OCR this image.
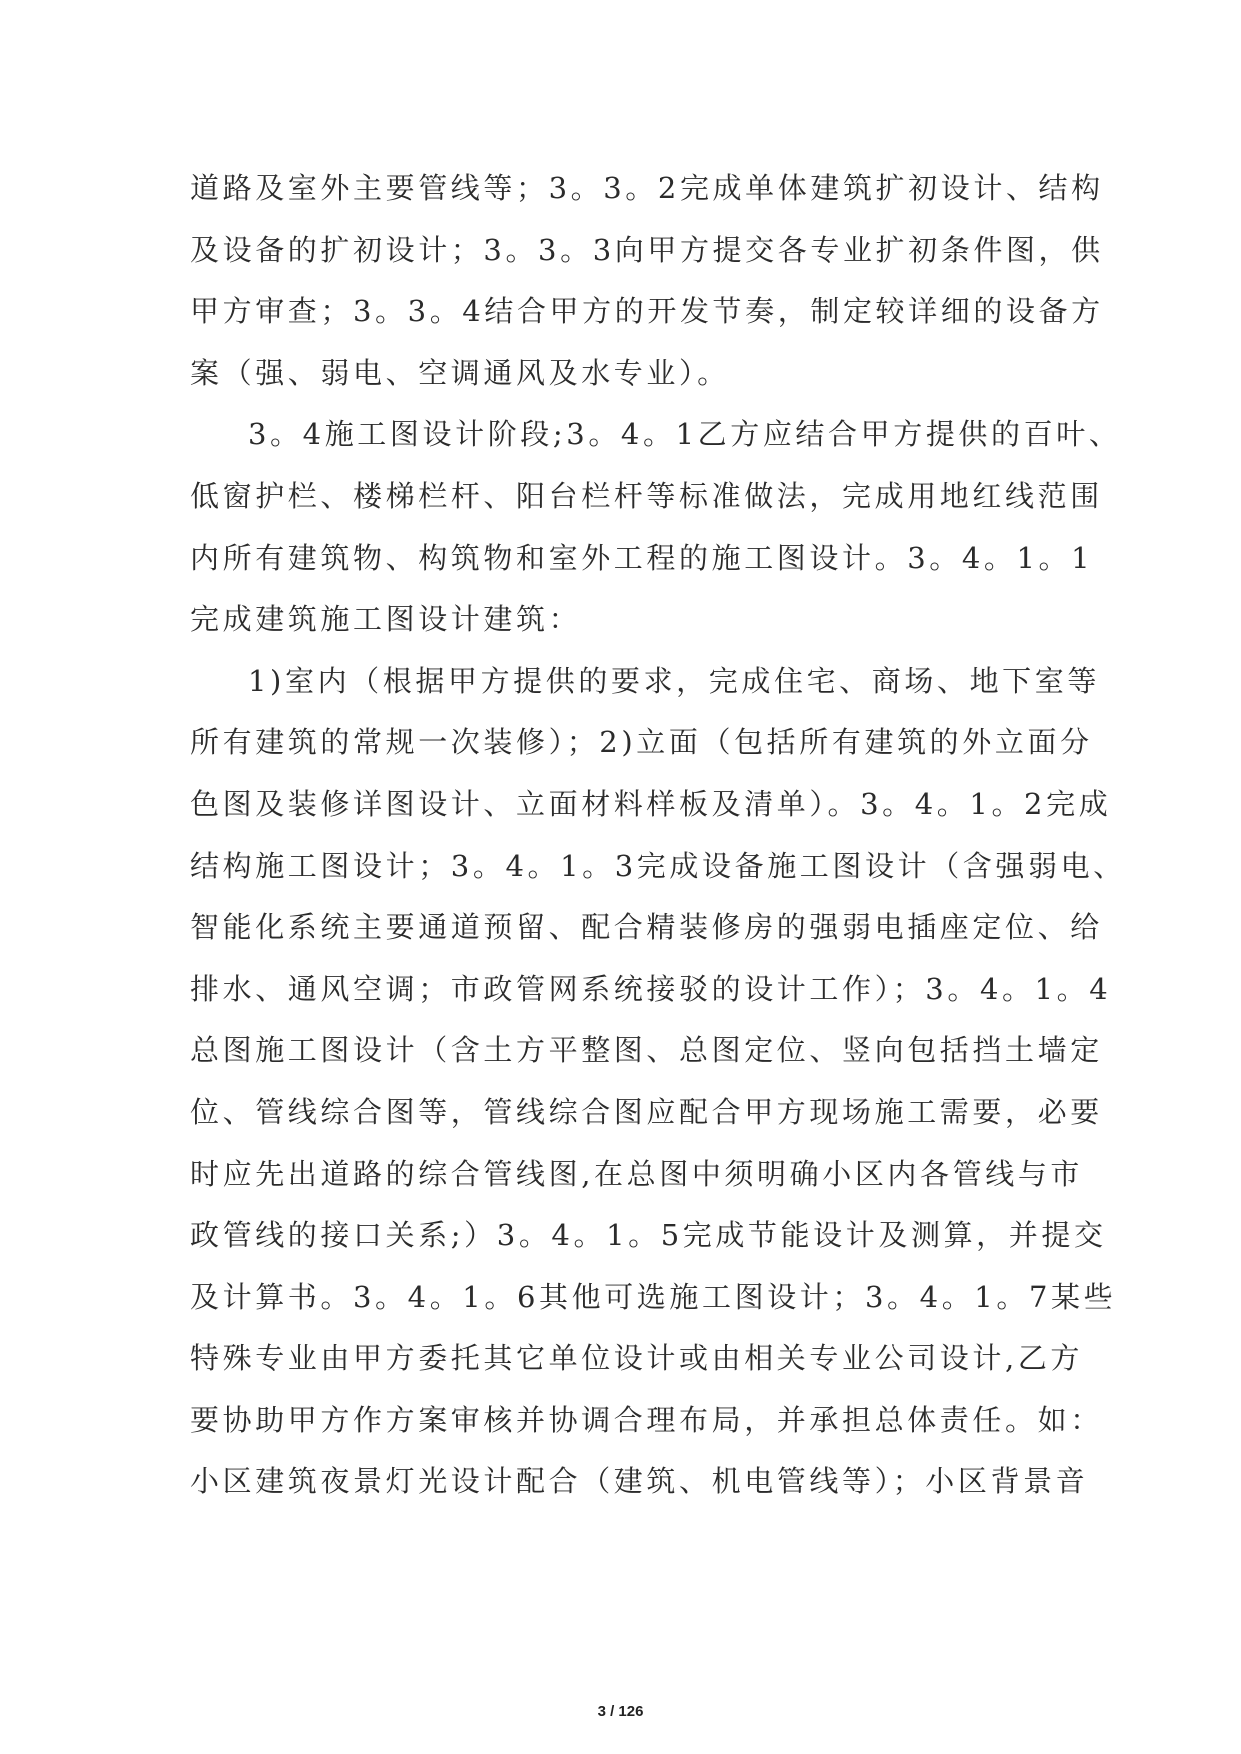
道路及室外主要管线等；3。3。2完成单体建筑扩初设计、结构
及设备的扩初设计；3。3。3向甲方提交各专业扩初条件图，供
甲方审查；3。3。4结合甲方的开发节奏，制定较详细的设备方
案（强、弱电、空调通风及水专业）。
3。4施工图设计阶段;3。4。1乙方应结合甲方提供的百叶、
低窗护栏、楼梯栏杆、阳台栏杆等标准做法，完成用地红线范围
内所有建筑物、构筑物和室外工程的施工图设计。3。4。1。1
完成建筑施工图设计建筑：
1)室内（根据甲方提供的要求，完成住宅、商场、地下室等
所有建筑的常规一次装修）；2)立面（包括所有建筑的外立面分
色图及装修详图设计、立面材料样板及清单）。3。4。1。2完成
结构施工图设计；3。4。1。3完成设备施工图设计（含强弱电、
智能化系统主要通道预留、配合精装修房的强弱电插座定位、给
排水、通风空调；市政管网系统接驳的设计工作）；3。4。1。4
总图施工图设计（含土方平整图、总图定位、竖向包括挡土墙定
位、管线综合图等，管线综合图应配合甲方现场施工需要，必要
时应先出道路的综合管线图,在总图中须明确小区内各管线与市
政管线的接口关系;）3。4。1。5完成节能设计及测算，并提交
及计算书。3。4。1。6其他可选施工图设计；3。4。1。7某些
特殊专业由甲方委托其它单位设计或由相关专业公司设计,乙方
要协助甲方作方案审核并协调合理布局，并承担总体责任。如：
小区建筑夜景灯光设计配合（建筑、机电管线等）；小区背景音
3 / 126
